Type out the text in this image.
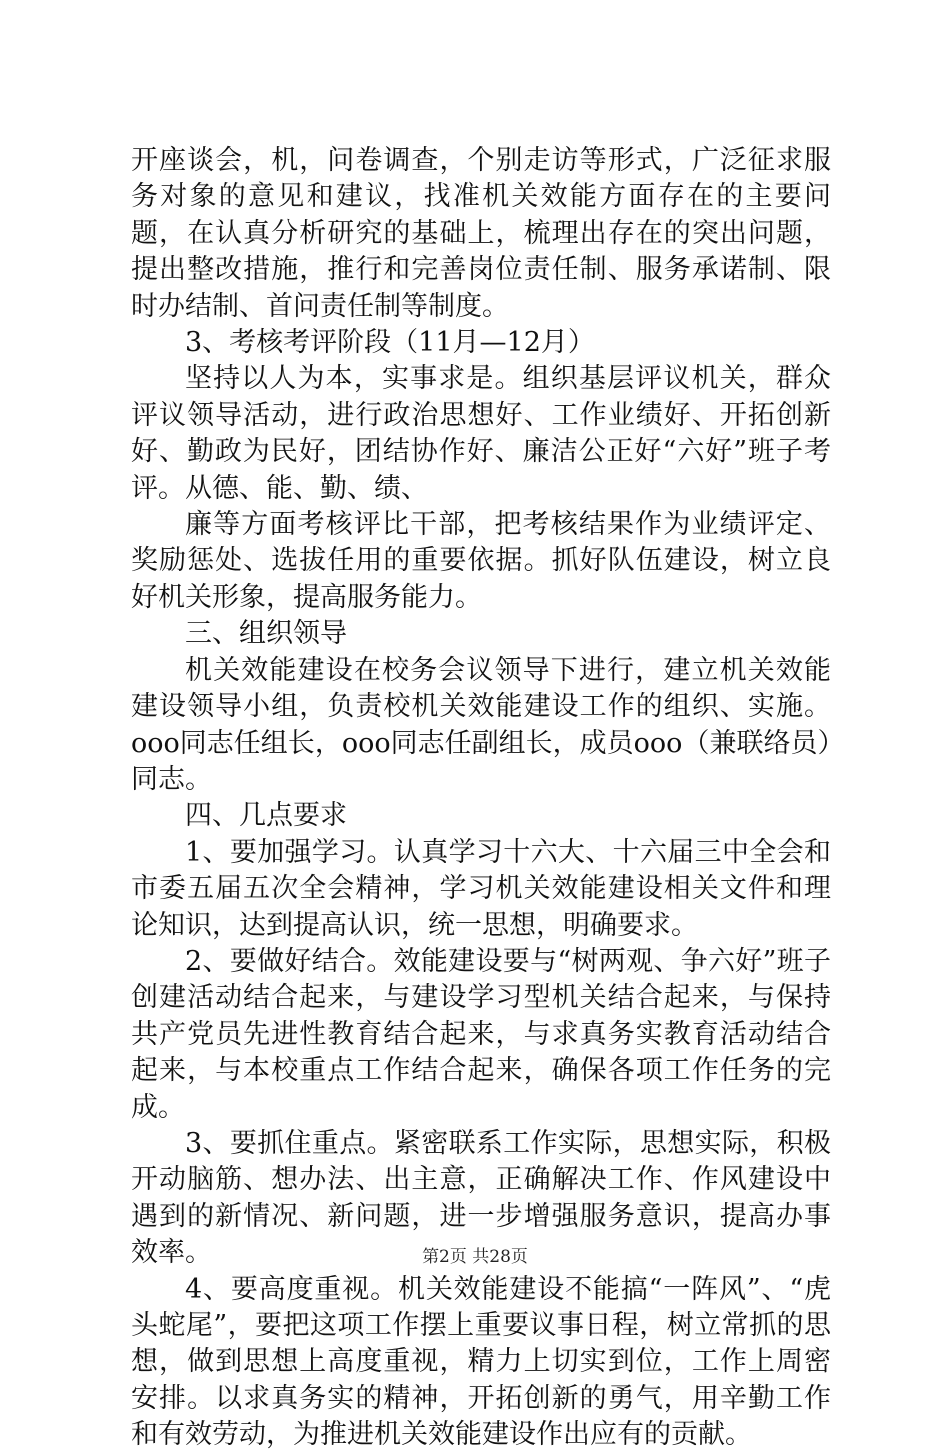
开座谈会，机，问卷调查，个别走访等形式，广泛征求服务对象的意见和建议，找准机关效能方面存在的主要问题，在认真分析研究的基础上，梳理出存在的突出问题，提出整改措施，推行和完善岗位责任制、服务承诺制、限时办结制、首问责任制等制度。

3、考核考评阶段（11月—12月）

坚持以人为本，实事求是。组织基层评议机关，群众评议领导活动，进行政治思想好、工作业绩好、开拓创新好、勤政为民好，团结协作好、廉洁公正好“六好”班子考评。从德、能、勤、绩、

廉等方面考核评比干部，把考核结果作为业绩评定、奖励惩处、选拔任用的重要依据。抓好队伍建设，树立良好机关形象，提高服务能力。

三、组织领导

机关效能建设在校务会议领导下进行，建立机关效能建设领导小组，负责校机关效能建设工作的组织、实施。ooo同志任组长，ooo同志任副组长，成员ooo（兼联络员）同志。

四、几点要求

1、要加强学习。认真学习十六大、十六届三中全会和市委五届五次全会精神，学习机关效能建设相关文件和理论知识，达到提高认识，统一思想，明确要求。

2、要做好结合。效能建设要与“树两观、争六好”班子创建活动结合起来，与建设学习型机关结合起来，与保持共产党员先进性教育结合起来，与求真务实教育活动结合起来，与本校重点工作结合起来，确保各项工作任务的完成。

3、要抓住重点。紧密联系工作实际，思想实际，积极开动脑筋、想办法、出主意，正确解决工作、作风建设中遇到的新情况、新问题，进一步增强服务意识，提高办事效率。

4、要高度重视。机关效能建设不能搞“一阵风”、“虎头蛇尾”，要把这项工作摆上重要议事日程，树立常抓的思想，做到思想上高度重视，精力上切实到位，工作上周密安排。以求真务实的精神，开拓创新的勇气，用辛勤工作和有效劳动，为推进机关效能建设作出应有的贡献。

第2页 共28页
